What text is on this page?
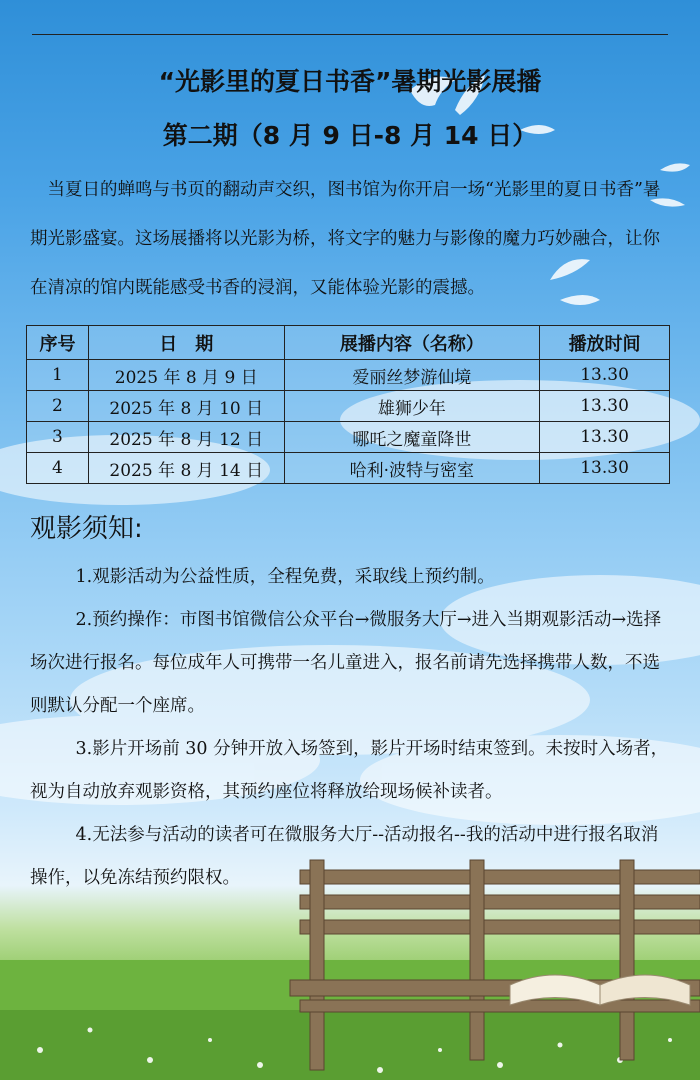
“光影里的夏日书香”暑期光影展播
第二期（8 月 9 日-8 月 14 日）
当夏日的蝉鸣与书页的翻动声交织，图书馆为你开启一场“光影里的夏日书香”暑期光影盛宴。这场展播将以光影为桥，将文字的魅力与影像的魔力巧妙融合，让你在清凉的馆内既能感受书香的浸润，又能体验光影的震撼。
序号	日　期	展播内容（名称）	播放时间
1	2025 年 8 月 9 日	爱丽丝梦游仙境	13.30
2	2025 年 8 月 10 日	雄狮少年	13.30
3	2025 年 8 月 12 日	哪吒之魔童降世	13.30
4	2025 年 8 月 14 日	哈利·波特与密室	13.30
观影须知:

1.观影活动为公益性质，全程免费，采取线上预约制。

2.预约操作：市图书馆微信公众平台→微服务大厅→进入当期观影活动→选择场次进行报名。每位成年人可携带一名儿童进入，报名前请先选择携带人数，不选则默认分配一个座席。

3.影片开场前 30 分钟开放入场签到，影片开场时结束签到。未按时入场者，视为自动放弃观影资格，其预约座位将释放给现场候补读者。

4.无法参与活动的读者可在微服务大厅--活动报名--我的活动中进行报名取消操作，以免冻结预约限权。
